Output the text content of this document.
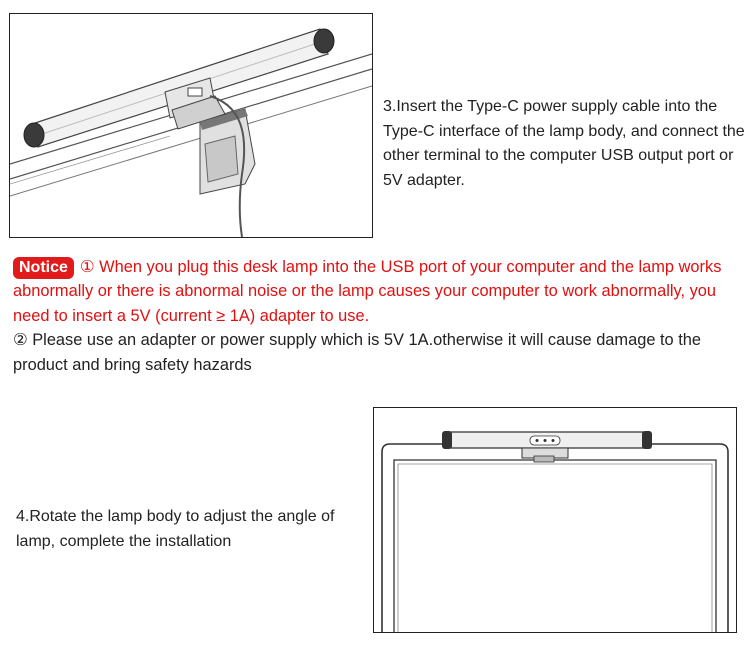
3.Insert the Type-C power supply cable into the Type-C interface of the lamp body, and connect the other terminal to the computer USB output port or 5V adapter.
Notice ① When you plug this desk lamp into the USB port of your computer and the lamp works abnormally or there is abnormal noise or the lamp causes your computer to work abnormally, you need to insert a 5V (current ≥ 1A) adapter to use.
② Please use an adapter or power supply which is 5V 1A.otherwise it will cause damage to the product and bring safety hazards
4.Rotate the lamp body to adjust the angle of lamp, complete the installation
